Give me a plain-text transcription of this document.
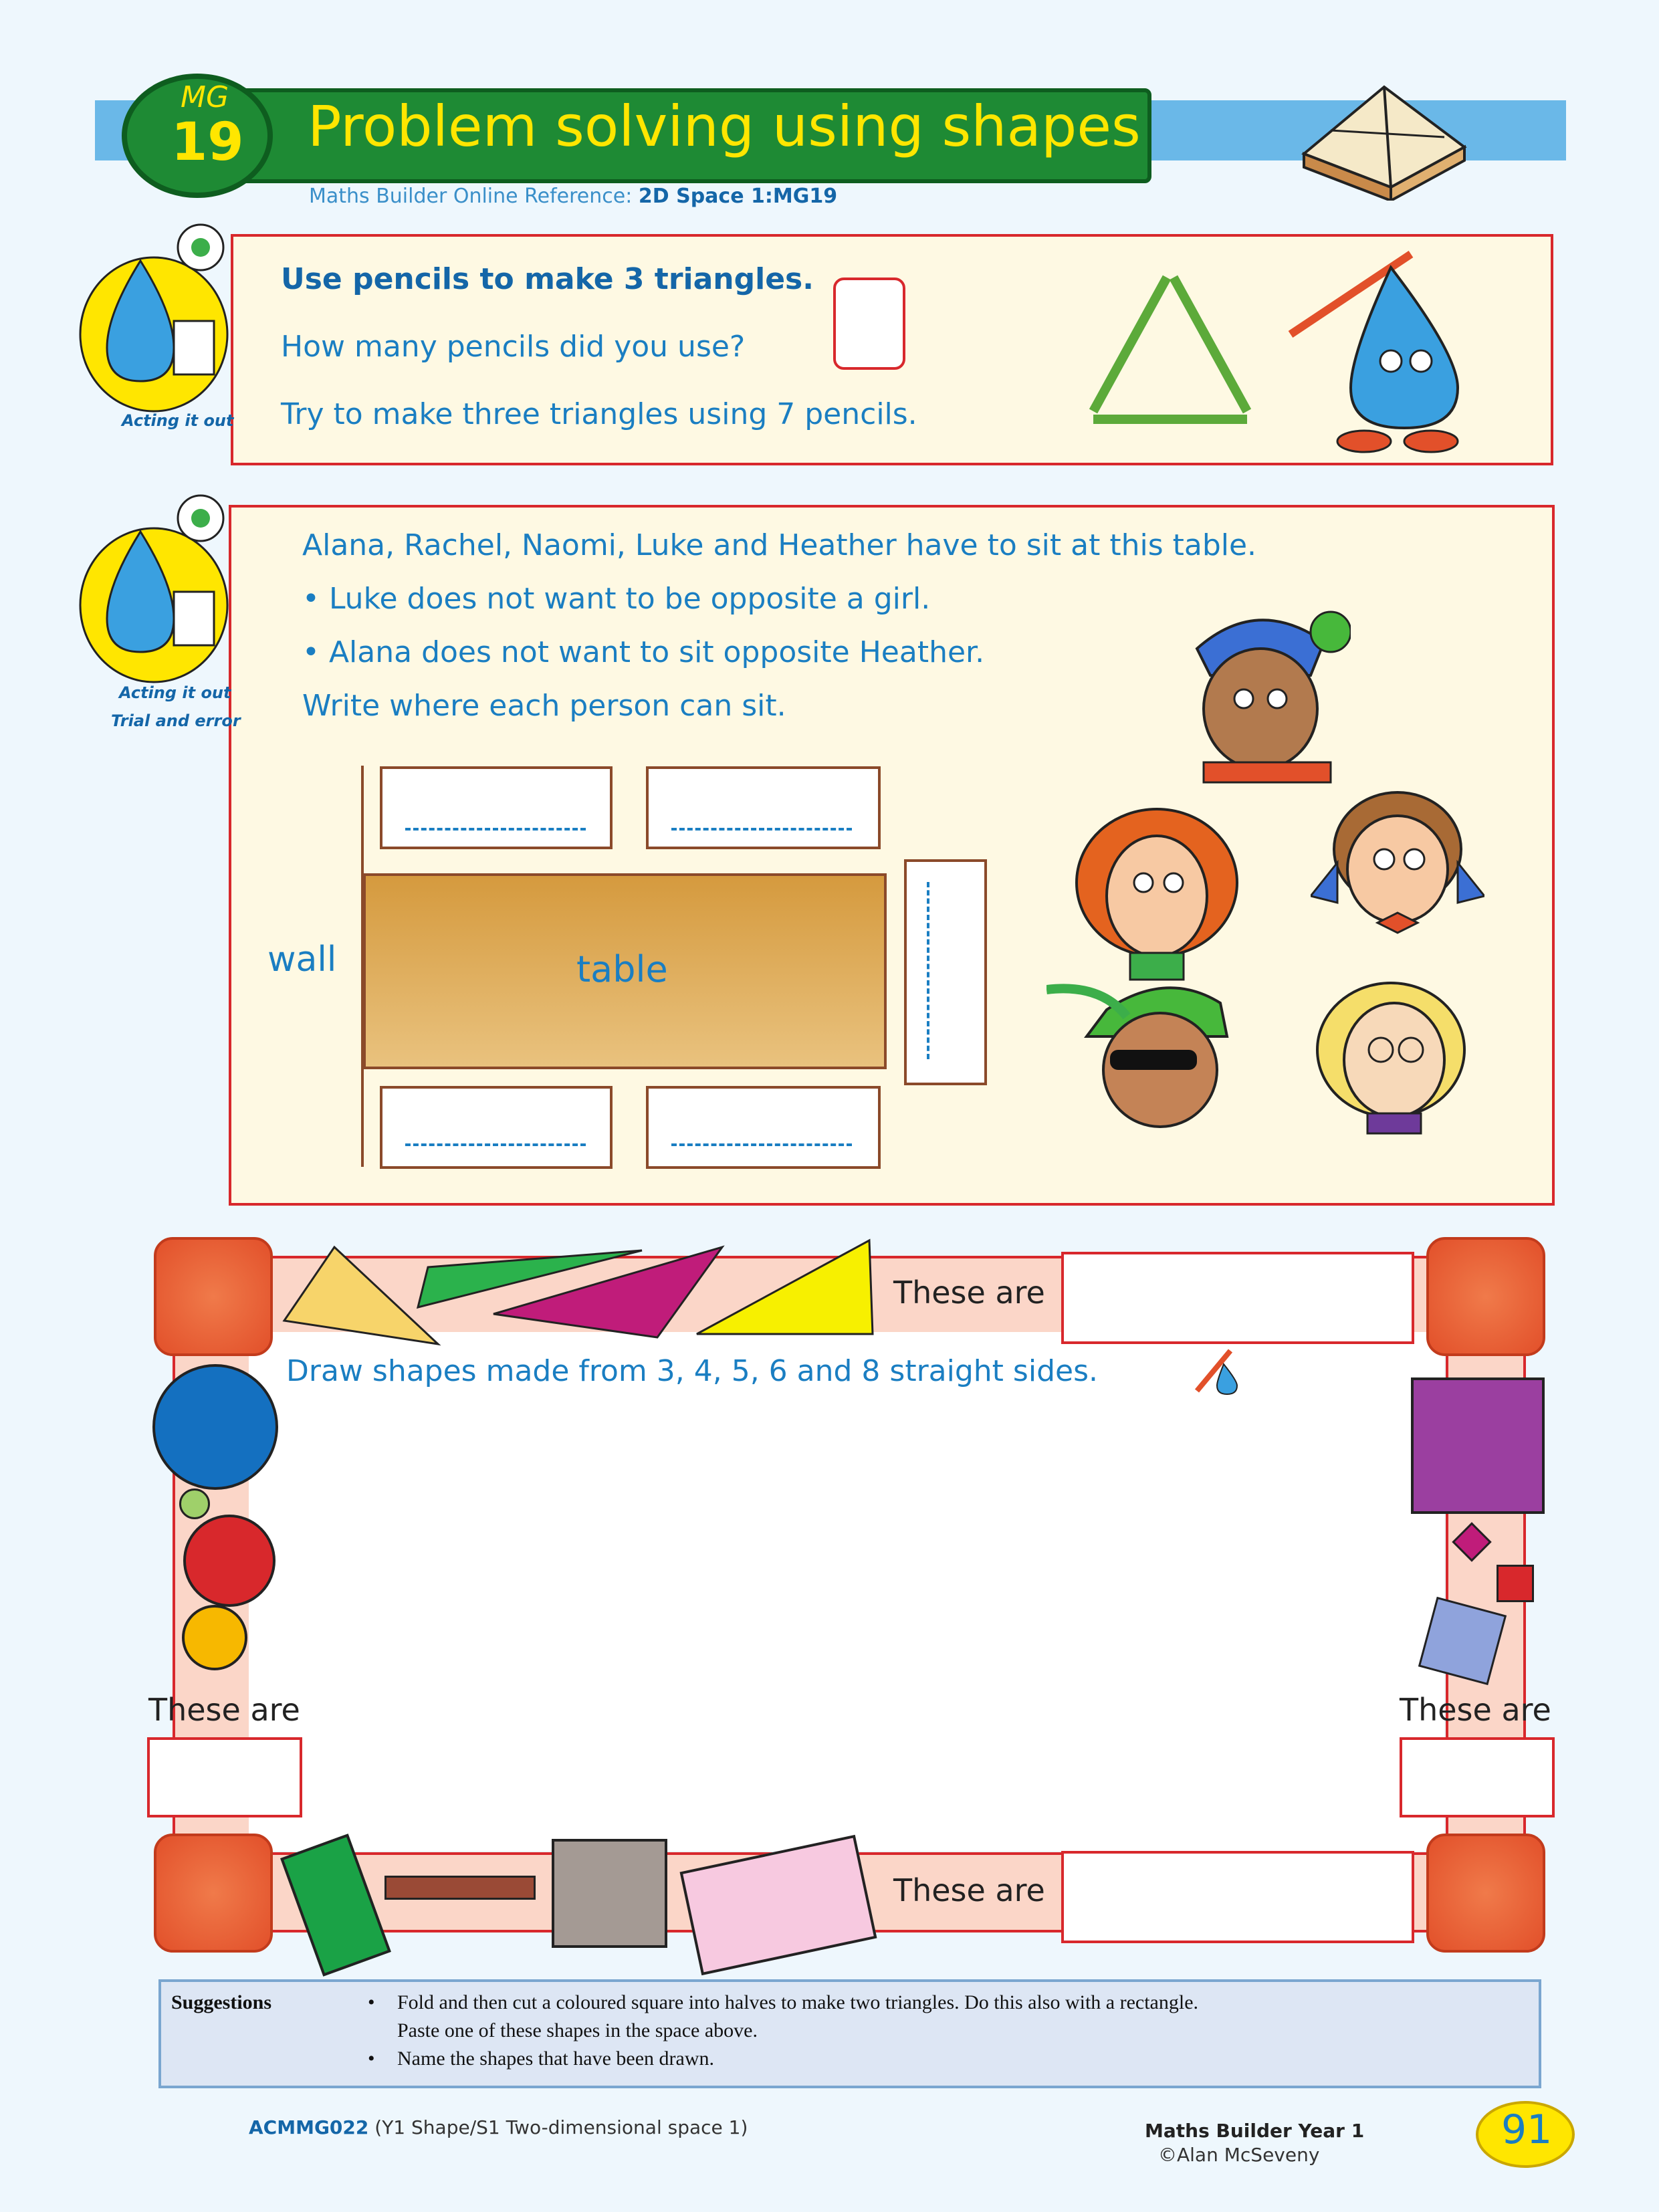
MG
19 Problem solving using shapes
Maths Builder Online Reference: 2D Space 1:MG19
Acting it out
Use pencils to make 3 triangles.
How many pencils did you use?
Try to make three triangles using 7 pencils.
Acting it out
Trial and error
Alana, Rachel, Naomi, Luke and Heather have to sit at this table.
• Luke does not want to be opposite a girl.
• Alana does not want to sit opposite Heather.
Write where each person can sit.
wall	table
These are
Draw shapes made from 3, 4, 5, 6 and 8 straight sides.
These are	These are
These are
Suggestions	• Fold and then cut a coloured square into halves to make two triangles. Do this also with a rectangle.
Paste one of these shapes in the space above.
• Name the shapes that have been drawn.
ACMMG022 (Y1 Shape/S1 Two-dimensional space 1)	Maths Builder Year 1
©Alan McSeveny
91
